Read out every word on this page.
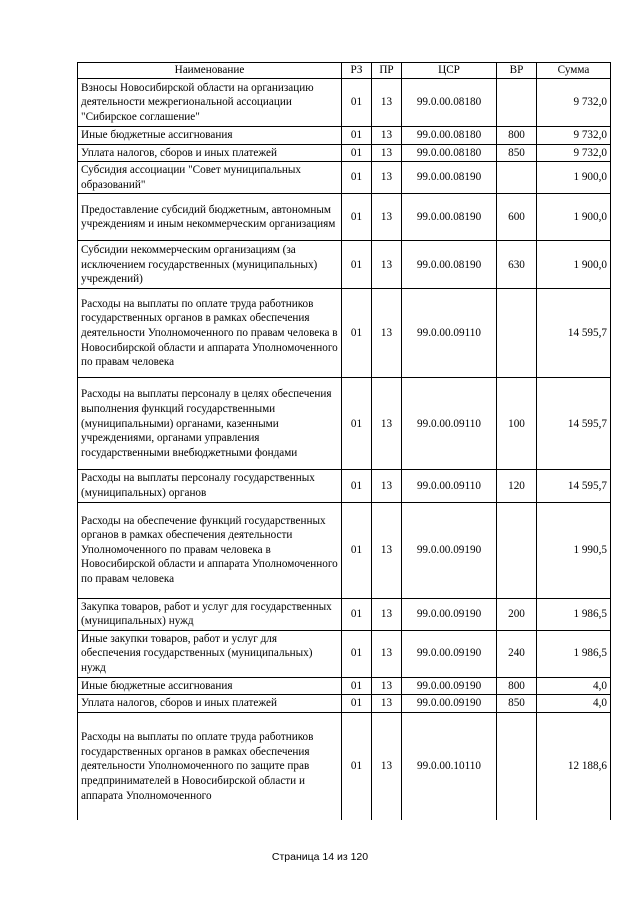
Наименование	РЗ	ПР	ЦСР	ВР	Сумма
Взносы Новосибирской области на организацию деятельности межрегиональной ассоциации "Сибирское соглашение"	01	13	99.0.00.08180		9 732,0
Иные бюджетные ассигнования	01	13	99.0.00.08180	800	9 732,0
Уплата налогов, сборов и иных платежей	01	13	99.0.00.08180	850	9 732,0
Субсидия ассоциации "Совет муниципальных образований"	01	13	99.0.00.08190		1 900,0
Предоставление субсидий бюджетным, автономным учреждениям и иным некоммерческим организациям	01	13	99.0.00.08190	600	1 900,0
Субсидии некоммерческим организациям (за исключением государственных (муниципальных) учреждений)	01	13	99.0.00.08190	630	1 900,0
Расходы на выплаты по оплате труда работников государственных органов в рамках обеспечения деятельности Уполномоченного по правам человека в Новосибирской области и аппарата Уполномоченного по правам человека	01	13	99.0.00.09110		14 595,7
Расходы на выплаты персоналу в целях обеспечения выполнения функций государственными (муниципальными) органами, казенными учреждениями, органами управления государственными внебюджетными фондами	01	13	99.0.00.09110	100	14 595,7
Расходы на выплаты персоналу государственных (муниципальных) органов	01	13	99.0.00.09110	120	14 595,7
Расходы на обеспечение функций государственных органов в рамках обеспечения деятельности Уполномоченного по правам человека в Новосибирской области и аппарата Уполномоченного по правам человека	01	13	99.0.00.09190		1 990,5
Закупка товаров, работ и услуг для государственных (муниципальных) нужд	01	13	99.0.00.09190	200	1 986,5
Иные закупки товаров, работ и услуг для обеспечения государственных (муниципальных) нужд	01	13	99.0.00.09190	240	1 986,5
Иные бюджетные ассигнования	01	13	99.0.00.09190	800	4,0
Уплата налогов, сборов и иных платежей	01	13	99.0.00.09190	850	4,0
Расходы на выплаты по оплате труда работников государственных органов в рамках обеспечения деятельности Уполномоченного по защите прав предпринимателей в Новосибирской области и аппарата Уполномоченного	01	13	99.0.00.10110		12 188,6
Страница 14 из 120
